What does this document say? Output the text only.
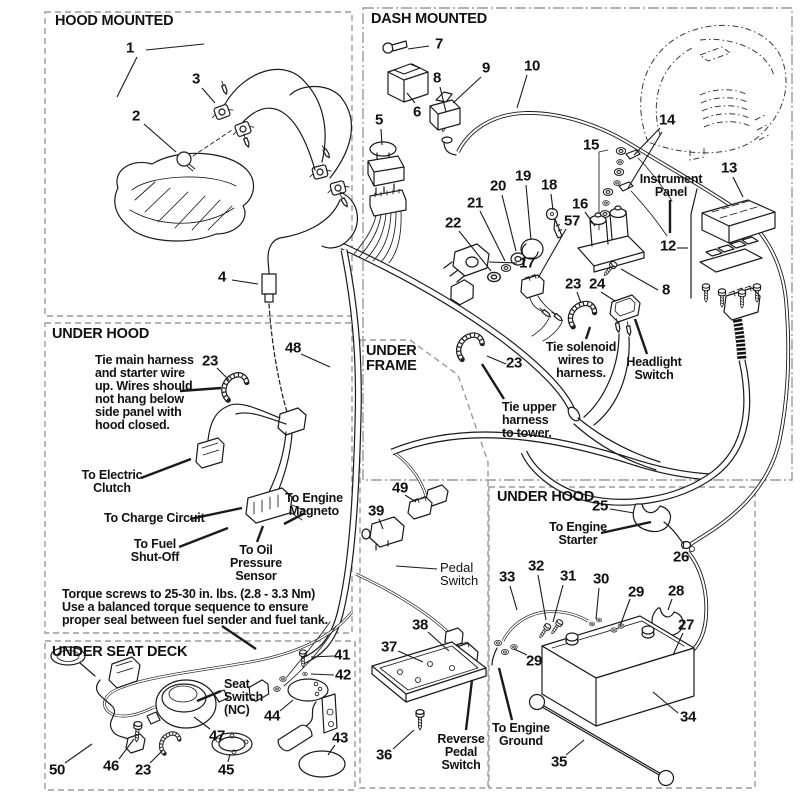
HOOD MOUNTED	DASH MOUNTED
UNDER HOOD
UNDER FRAME
UNDER HOOD
UNDER SEAT DECK
1
2
3
4
5 6
7
8
9 10
12
13
14
15
16
17
18
19
20
21
22
23	23
23
23
24
25
26
27
28
29
29
30
31
32
33
34
35
36
37
38
39
41
42
43
44
45
46
47
48
49
50
57
8
Tie main harness
and starter wire
up. Wires should
not hang below
side panel with
hood closed.
To Electric
Clutch
To Charge Circuit
To Fuel
Shut-Off	To Oil
Pressure
Sensor
To Engine
Magneto
Torque screws to 25-30 in. lbs. (2.8 - 3.3 Nm)
Use a balanced torque sequence to ensure
proper seal between fuel sender and fuel tank.
Tie upper
harness
to tower.
Tie solenoid
wires to
harness.
Headlight
Switch
Instrument
Panel
Pedal
Switch
Reverse
Pedal
Switch
To Engine
Starter
To Engine
Ground
Seat
Switch
(NC)
